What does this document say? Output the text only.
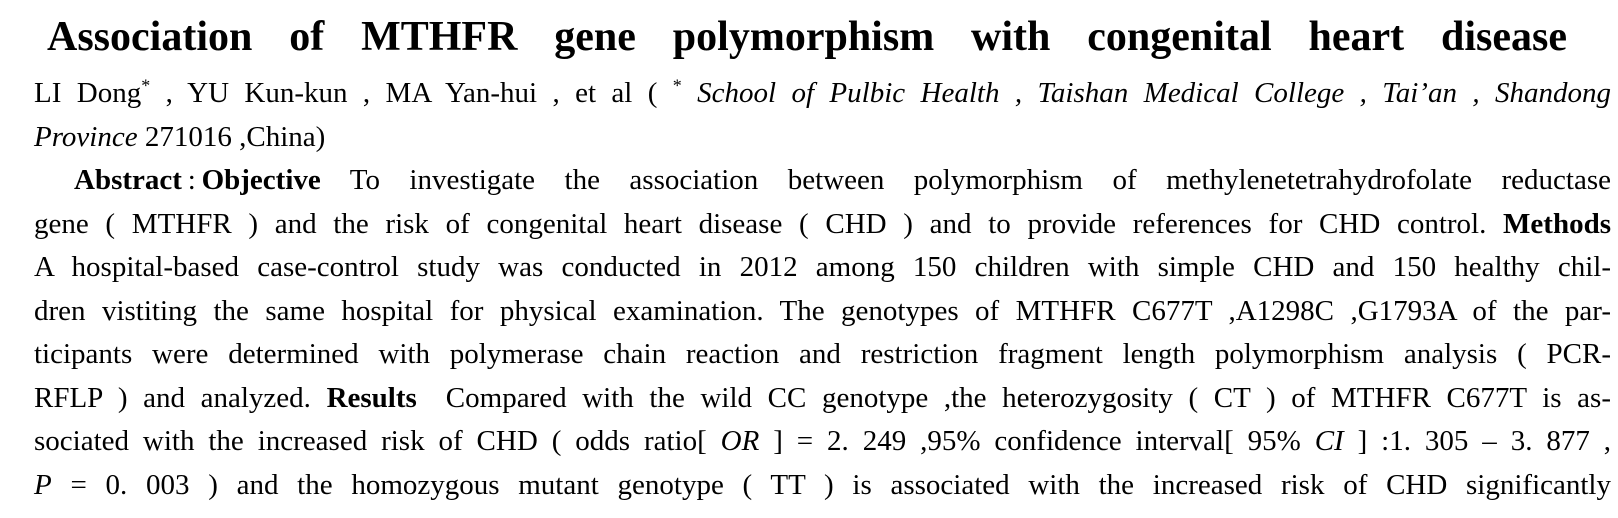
Association of MTHFR gene polymorphism with congenital heart disease
LI Dong* , YU Kun-kun , MA Yan-hui , et al ( * School of Pulbic Health , Taishan Medical College , Tai’an , Shandong
Province 271016 ,China)
Abstract : Objective To investigate the association between polymorphism of methylenetetrahydrofolate reductase
gene ( MTHFR ) and the risk of congenital heart disease ( CHD ) and to provide references for CHD control. Methods
A hospital-based case-control study was conducted in 2012 among 150 children with simple CHD and 150 healthy chil-
dren vistiting the same hospital for physical examination. The genotypes of MTHFR C677T ,A1298C ,G1793A of the par-
ticipants were determined with polymerase chain reaction and restriction fragment length polymorphism analysis ( PCR-
RFLP ) and analyzed. Results Compared with the wild CC genotype ,the heterozygosity ( CT ) of MTHFR C677T is as-
sociated with the increased risk of CHD ( odds ratio[ OR ] = 2. 249 ,95% confidence interval[ 95% CI ] :1. 305 – 3. 877 ,
P = 0. 003 ) and the homozygous mutant genotype ( TT ) is associated with the increased risk of CHD significantly
